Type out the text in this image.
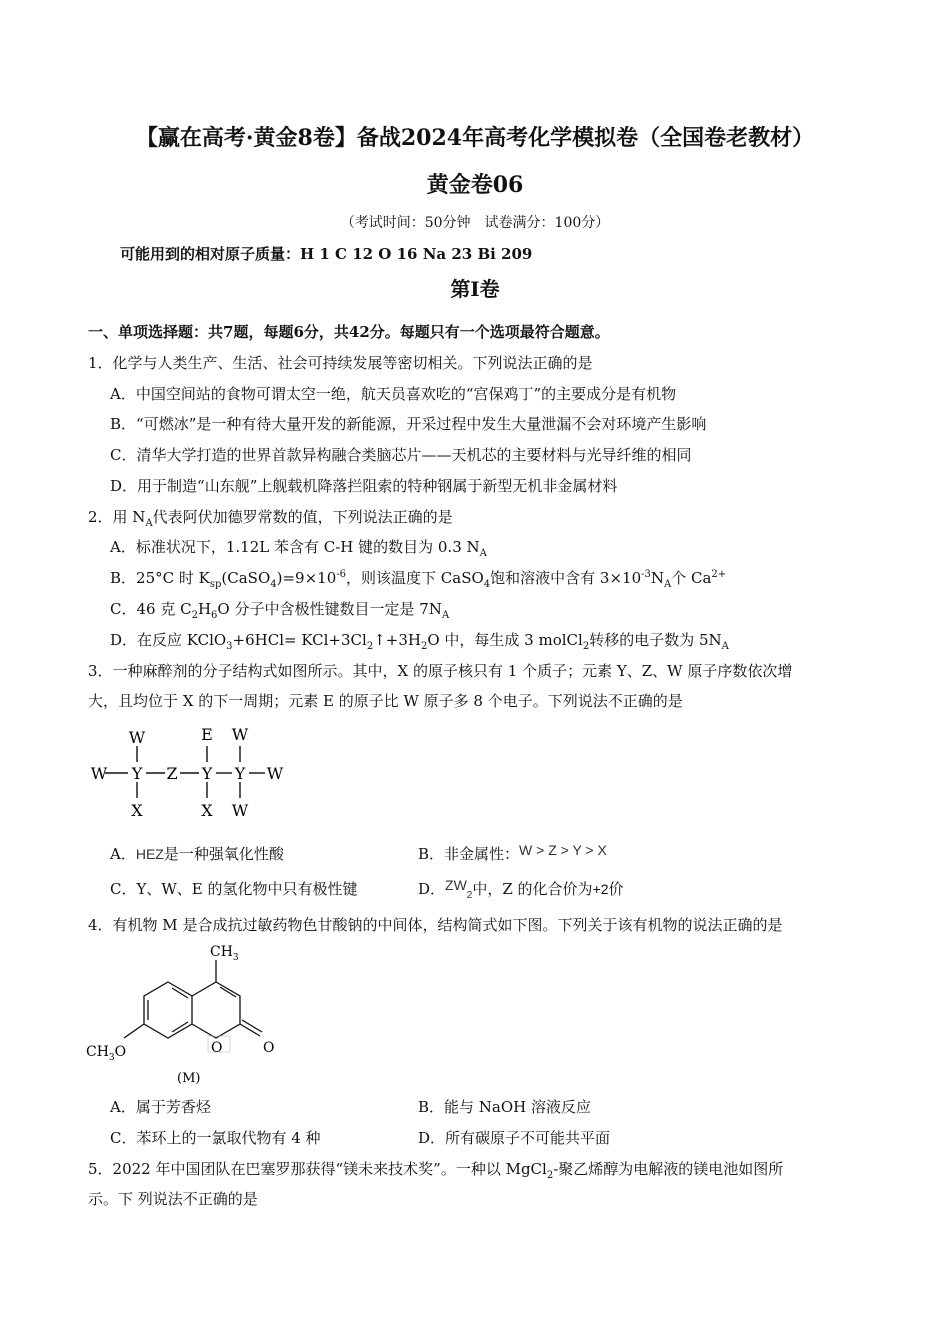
【赢在高考·黄金8卷】备战2024年高考化学模拟卷（全国卷老教材）
黄金卷06
（考试时间：50分钟　试卷满分：100分）
可能用到的相对原子质量：H 1 C 12 O 16 Na 23 Bi 209
第Ⅰ卷
一、单项选择题：共7题，每题6分，共42分。每题只有一个选项最符合题意。
1．化学与人类生产、生活、社会可持续发展等密切相关。下列说法正确的是
A．中国空间站的食物可谓太空一绝，航天员喜欢吃的“宫保鸡丁”的主要成分是有机物
B．“可燃冰”是一种有待大量开发的新能源，开采过程中发生大量泄漏不会对环境产生影响
C．清华大学打造的世界首款异构融合类脑芯片——天机芯的主要材料与光导纤维的相同
D．用于制造“山东舰”上舰载机降落拦阻索的特种钢属于新型无机非金属材料
2．用 $N_A$代表阿伏加德罗常数的值，下列说法正确的是
A．标准状况下，1.12L 苯含有 C-H 键的数目为 0.3 $N_A$
B．25°C 时 $K_{sp}(CaSO_4)=9\times 10^{-6}$，则该温度下 CaSO$_4$饱和溶液中含有 $3\times 10^{-3}N_A$个 $Ca^{2+}$
C．46 克 $C_2H_6O$ 分子中含极性键数目一定是 $7N_A$
D．在反应 KClO$_3$+6HCl= $KCl+3Cl_2↑+3H_2O$ 中，每生成 3 molCl$_2$转移的电子数为 $5N_A$
3．一种麻醉剂的分子结构式如图所示。其中，X 的原子核只有 1 个质子；元素 Y、Z、W 原子序数依次增
大，且均位于 X 的下一周期；元素 E 的原子比 W 原子多 8 个电子。下列说法不正确的是
W	E W
W Y Z Y Y W
X	X W
A．HEZ是一种强氧化性酸	B．非金属性：W > Z > Y > X
C．Y、W、E 的氢化物中只有极性键	D．$ZW_2$中，Z 的化合价为+2价
4．有机物 M 是合成抗过敏药物色甘酸钠的中间体，结构简式如下图。下列关于该有机物的说法正确的是
$CH_3$
$CH_3O$	O	O
(M)
A．属于芳香烃	B．能与 NaOH 溶液反应
C．苯环上的一氯取代物有 4 种	D．所有碳原子不可能共平面
5．2022 年中国团队在巴塞罗那获得“镁未来技术奖”。一种以 MgCl$_2$-聚乙烯醇为电解液的镁电池如图所
示。下 列说法不正确的是
